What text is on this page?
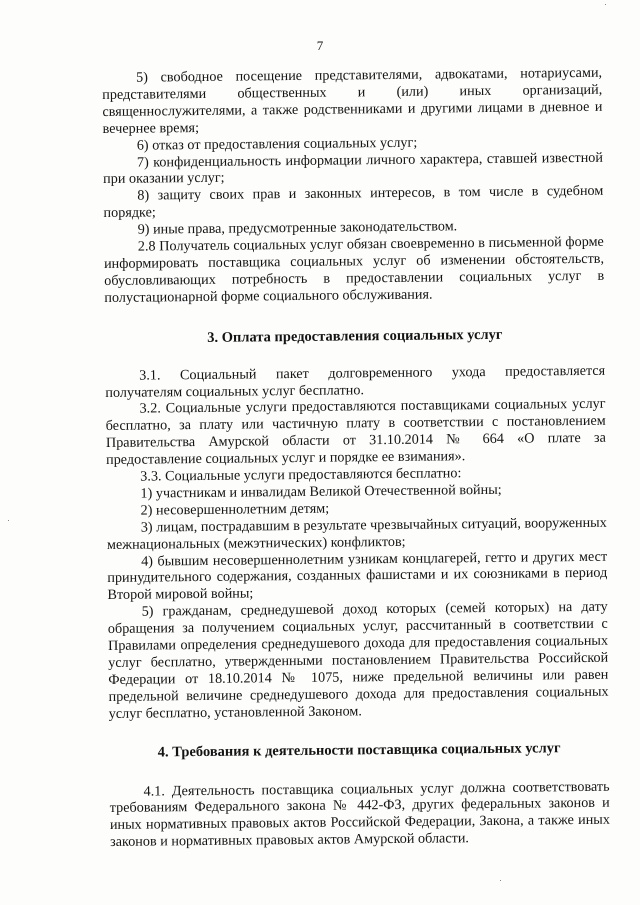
7

5) свободное посещение представителями, адвокатами, нотариусами, представителями общественных и (или) иных организаций, священнослужителями, а также родственниками и другими лицами в дневное и вечернее время;

6) отказ от предоставления социальных услуг;

7) конфиденциальность информации личного характера, ставшей известной при оказании услуг;

8) защиту своих прав и законных интересов, в том числе в судебном порядке;

9) иные права, предусмотренные законодательством.

2.8 Получатель социальных услуг обязан своевременно в письменной форме информировать поставщика социальных услуг об изменении обстоятельств, обусловливающих потребность в предоставлении социальных услуг в полустационарной форме социального обслуживания.

3. Оплата предоставления социальных услуг

3.1. Социальный пакет долговременного ухода предоставляется получателям социальных услуг бесплатно.

3.2. Социальные услуги предоставляются поставщиками социальных услуг бесплатно, за плату или частичную плату в соответствии с постановлением Правительства Амурской области от 31.10.2014 № 664 «О плате за предоставление социальных услуг и порядке ее взимания».

3.3. Социальные услуги предоставляются бесплатно:

1) участникам и инвалидам Великой Отечественной войны;

2) несовершеннолетним детям;

3) лицам, пострадавшим в результате чрезвычайных ситуаций, вооруженных межнациональных (межэтнических) конфликтов;

4) бывшим несовершеннолетним узникам концлагерей, гетто и других мест принудительного содержания, созданных фашистами и их союзниками в период Второй мировой войны;

5) гражданам, среднедушевой доход которых (семей которых) на дату обращения за получением социальных услуг, рассчитанный в соответствии с Правилами определения среднедушевого дохода для предоставления социальных услуг бесплатно, утвержденными постановлением Правительства Российской Федерации от 18.10.2014 № 1075, ниже предельной величины или равен предельной величине среднедушевого дохода для предоставления социальных услуг бесплатно, установленной Законом.

4. Требования к деятельности поставщика социальных услуг

4.1. Деятельность поставщика социальных услуг должна соответствовать требованиям Федерального закона № 442-ФЗ, других федеральных законов и иных нормативных правовых актов Российской Федерации, Закона, а также иных законов и нормативных правовых актов Амурской области.
